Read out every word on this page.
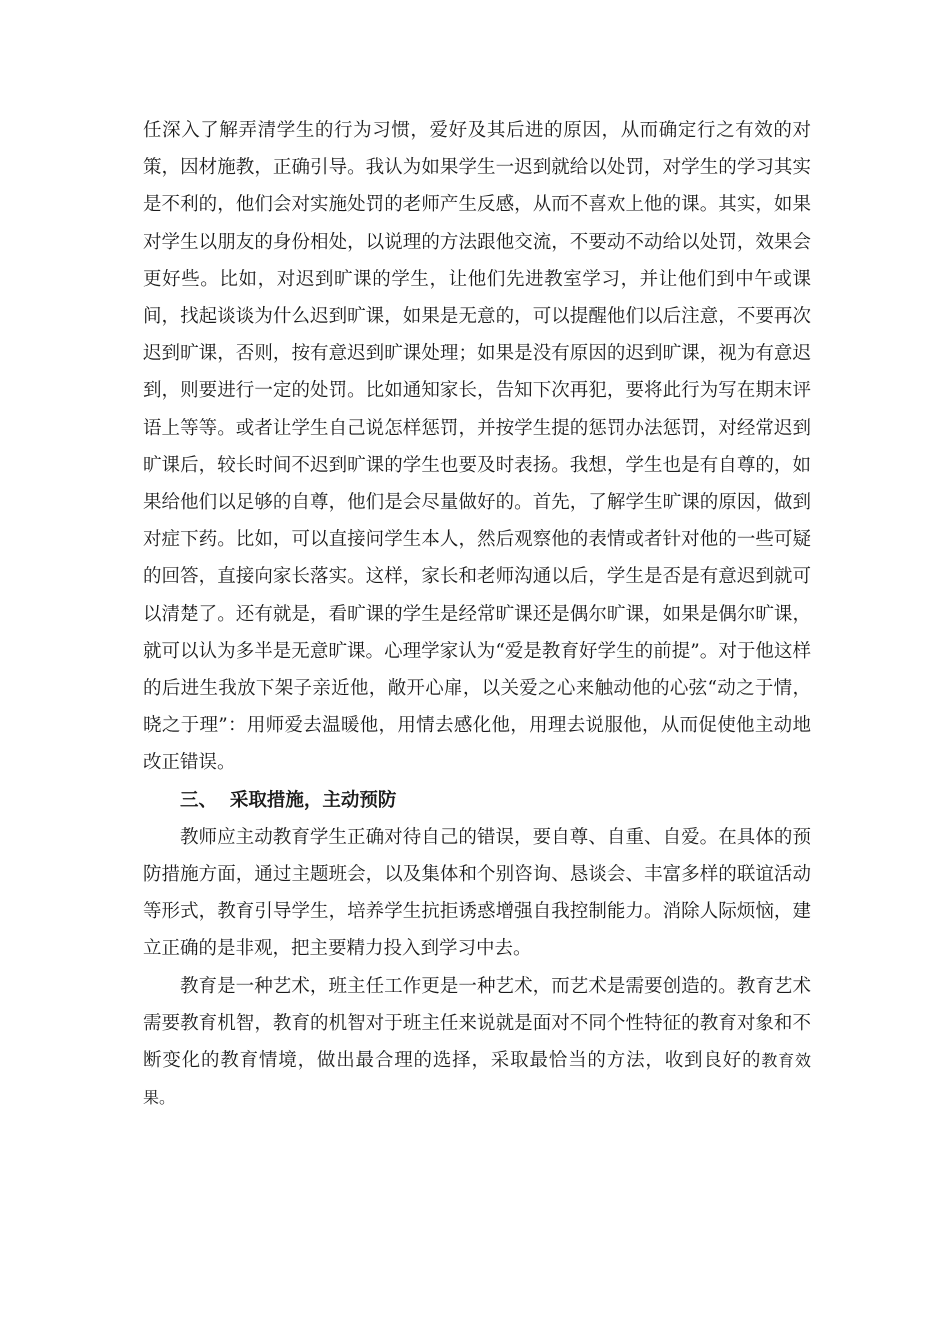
任深入了解弄清学生的行为习惯，爱好及其后进的原因，从而确定行之有效的对策，因材施教，正确引导。我认为如果学生一迟到就给以处罚，对学生的学习其实是不利的，他们会对实施处罚的老师产生反感，从而不喜欢上他的课。其实，如果对学生以朋友的身份相处，以说理的方法跟他交流，不要动不动给以处罚，效果会更好些。比如，对迟到旷课的学生，让他们先进教室学习，并让他们到中午或课间，找起谈谈为什么迟到旷课，如果是无意的，可以提醒他们以后注意，不要再次迟到旷课，否则，按有意迟到旷课处理；如果是没有原因的迟到旷课，视为有意迟到，则要进行一定的处罚。比如通知家长，告知下次再犯，要将此行为写在期末评语上等等。或者让学生自己说怎样惩罚，并按学生提的惩罚办法惩罚，对经常迟到旷课后，较长时间不迟到旷课的学生也要及时表扬。我想，学生也是有自尊的，如果给他们以足够的自尊，他们是会尽量做好的。首先，了解学生旷课的原因，做到对症下药。比如，可以直接问学生本人，然后观察他的表情或者针对他的一些可疑的回答，直接向家长落实。这样，家长和老师沟通以后，学生是否是有意迟到就可以清楚了。还有就是，看旷课的学生是经常旷课还是偶尔旷课，如果是偶尔旷课，就可以认为多半是无意旷课。心理学家认为“爱是教育好学生的前提”。对于他这样的后进生我放下架子亲近他，敞开心扉，以关爱之心来触动他的心弦“动之于情，晓之于理”：用师爱去温暖他，用情去感化他，用理去说服他，从而促使他主动地改正错误。

三、  采取措施，主动预防

教师应主动教育学生正确对待自己的错误，要自尊、自重、自爱。在具体的预防措施方面，通过主题班会，以及集体和个别咨询、恳谈会、丰富多样的联谊活动等形式，教育引导学生，培养学生抗拒诱惑增强自我控制能力。消除人际烦恼，建立正确的是非观，把主要精力投入到学习中去。

教育是一种艺术，班主任工作更是一种艺术，而艺术是需要创造的。教育艺术需要教育机智，教育的机智对于班主任来说就是面对不同个性特征的教育对象和不断变化的教育情境，做出最合理的选择，采取最恰当的方法，收到良好的教育效果。
